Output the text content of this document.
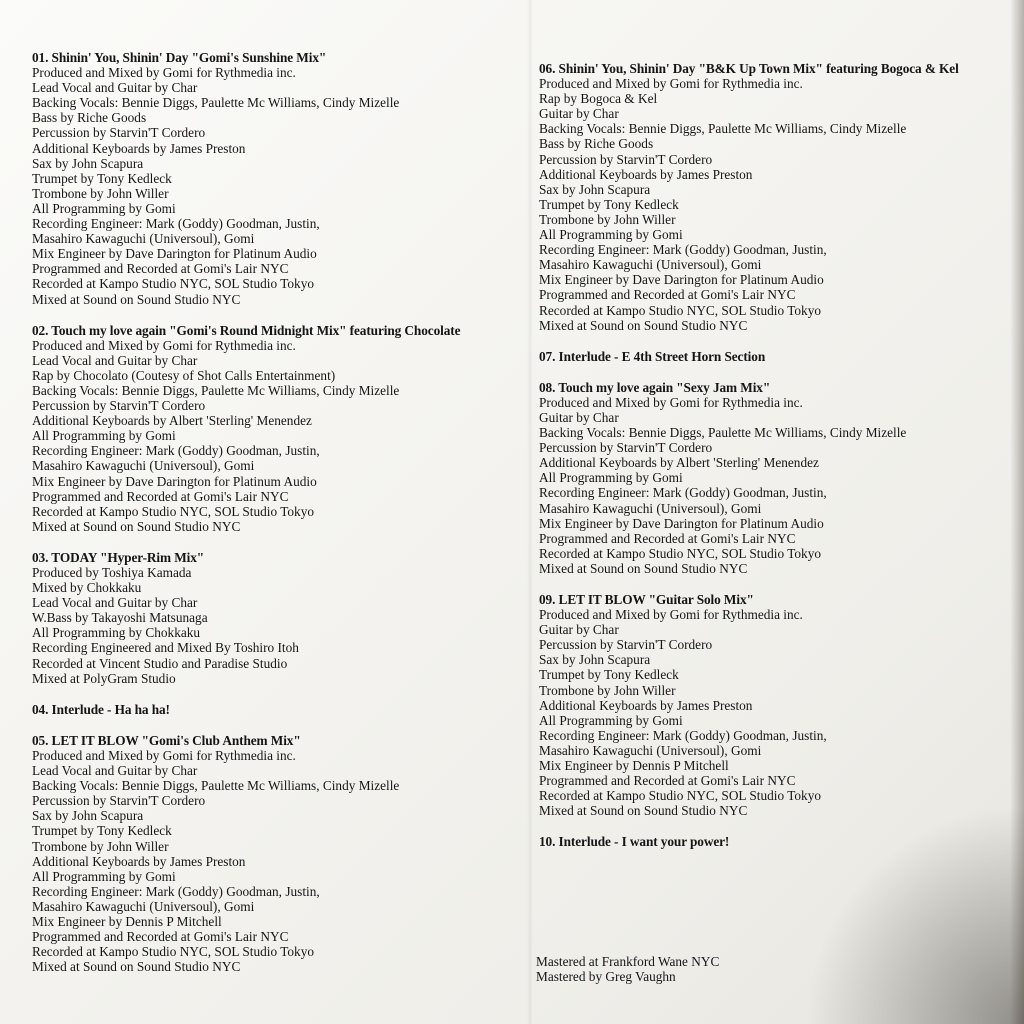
01. Shinin' You, Shinin' Day "Gomi's Sunshine Mix"
Produced and Mixed by Gomi for Rythmedia inc.
Lead Vocal and Guitar by Char
Backing Vocals: Bennie Diggs, Paulette Mc Williams, Cindy Mizelle
Bass by Riche Goods
Percussion by Starvin'T Cordero
Additional Keyboards by James Preston
Sax by John Scapura
Trumpet by Tony Kedleck
Trombone by John Willer
All Programming by Gomi
Recording Engineer: Mark (Goddy) Goodman, Justin,
Masahiro Kawaguchi (Universoul), Gomi
Mix Engineer by Dave Darington for Platinum Audio
Programmed and Recorded at Gomi's Lair NYC
Recorded at Kampo Studio NYC, SOL Studio Tokyo
Mixed at Sound on Sound Studio NYC
02. Touch my love again "Gomi's Round Midnight Mix" featuring Chocolate
Produced and Mixed by Gomi for Rythmedia inc.
Lead Vocal and Guitar by Char
Rap by Chocolato (Coutesy of Shot Calls Entertainment)
Backing Vocals: Bennie Diggs, Paulette Mc Williams, Cindy Mizelle
Percussion by Starvin'T Cordero
Additional Keyboards by Albert 'Sterling' Menendez
All Programming by Gomi
Recording Engineer: Mark (Goddy) Goodman, Justin,
Masahiro Kawaguchi (Universoul), Gomi
Mix Engineer by Dave Darington for Platinum Audio
Programmed and Recorded at Gomi's Lair NYC
Recorded at Kampo Studio NYC, SOL Studio Tokyo
Mixed at Sound on Sound Studio NYC
03. TODAY "Hyper-Rim Mix"
Produced by Toshiya Kamada
Mixed by Chokkaku
Lead Vocal and Guitar by Char
W.Bass by Takayoshi Matsunaga
All Programming by Chokkaku
Recording Engineered and Mixed By Toshiro Itoh
Recorded at Vincent Studio and Paradise Studio
Mixed at PolyGram Studio
04. Interlude - Ha ha ha!
05. LET IT BLOW "Gomi's Club Anthem Mix"
Produced and Mixed by Gomi for Rythmedia inc.
Lead Vocal and Guitar by Char
Backing Vocals: Bennie Diggs, Paulette Mc Williams, Cindy Mizelle
Percussion by Starvin'T Cordero
Sax by John Scapura
Trumpet by Tony Kedleck
Trombone by John Willer
Additional Keyboards by James Preston
All Programming by Gomi
Recording Engineer: Mark (Goddy) Goodman, Justin,
Masahiro Kawaguchi (Universoul), Gomi
Mix Engineer by Dennis P Mitchell
Programmed and Recorded at Gomi's Lair NYC
Recorded at Kampo Studio NYC, SOL Studio Tokyo
Mixed at Sound on Sound Studio NYC
06. Shinin' You, Shinin' Day "B&K Up Town Mix" featuring Bogoca & Kel
Produced and Mixed by Gomi for Rythmedia inc.
Rap by Bogoca & Kel
Guitar by Char
Backing Vocals: Bennie Diggs, Paulette Mc Williams, Cindy Mizelle
Bass by Riche Goods
Percussion by Starvin'T Cordero
Additional Keyboards by James Preston
Sax by John Scapura
Trumpet by Tony Kedleck
Trombone by John Willer
All Programming by Gomi
Recording Engineer: Mark (Goddy) Goodman, Justin,
Masahiro Kawaguchi (Universoul), Gomi
Mix Engineer by Dave Darington for Platinum Audio
Programmed and Recorded at Gomi's Lair NYC
Recorded at Kampo Studio NYC, SOL Studio Tokyo
Mixed at Sound on Sound Studio NYC
07. Interlude - E 4th Street Horn Section
08. Touch my love again "Sexy Jam Mix"
Produced and Mixed by Gomi for Rythmedia inc.
Guitar by Char
Backing Vocals: Bennie Diggs, Paulette Mc Williams, Cindy Mizelle
Percussion by Starvin'T Cordero
Additional Keyboards by Albert 'Sterling' Menendez
All Programming by Gomi
Recording Engineer: Mark (Goddy) Goodman, Justin,
Masahiro Kawaguchi (Universoul), Gomi
Mix Engineer by Dave Darington for Platinum Audio
Programmed and Recorded at Gomi's Lair NYC
Recorded at Kampo Studio NYC, SOL Studio Tokyo
Mixed at Sound on Sound Studio NYC
09. LET IT BLOW "Guitar Solo Mix"
Produced and Mixed by Gomi for Rythmedia inc.
Guitar by Char
Percussion by Starvin'T Cordero
Sax by John Scapura
Trumpet by Tony Kedleck
Trombone by John Willer
Additional Keyboards by James Preston
All Programming by Gomi
Recording Engineer: Mark (Goddy) Goodman, Justin,
Masahiro Kawaguchi (Universoul), Gomi
Mix Engineer by Dennis P Mitchell
Programmed and Recorded at Gomi's Lair NYC
Recorded at Kampo Studio NYC, SOL Studio Tokyo
Mixed at Sound on Sound Studio NYC
10. Interlude - I want your power!
Mastered at Frankford Wane NYC
Mastered by Greg Vaughn
